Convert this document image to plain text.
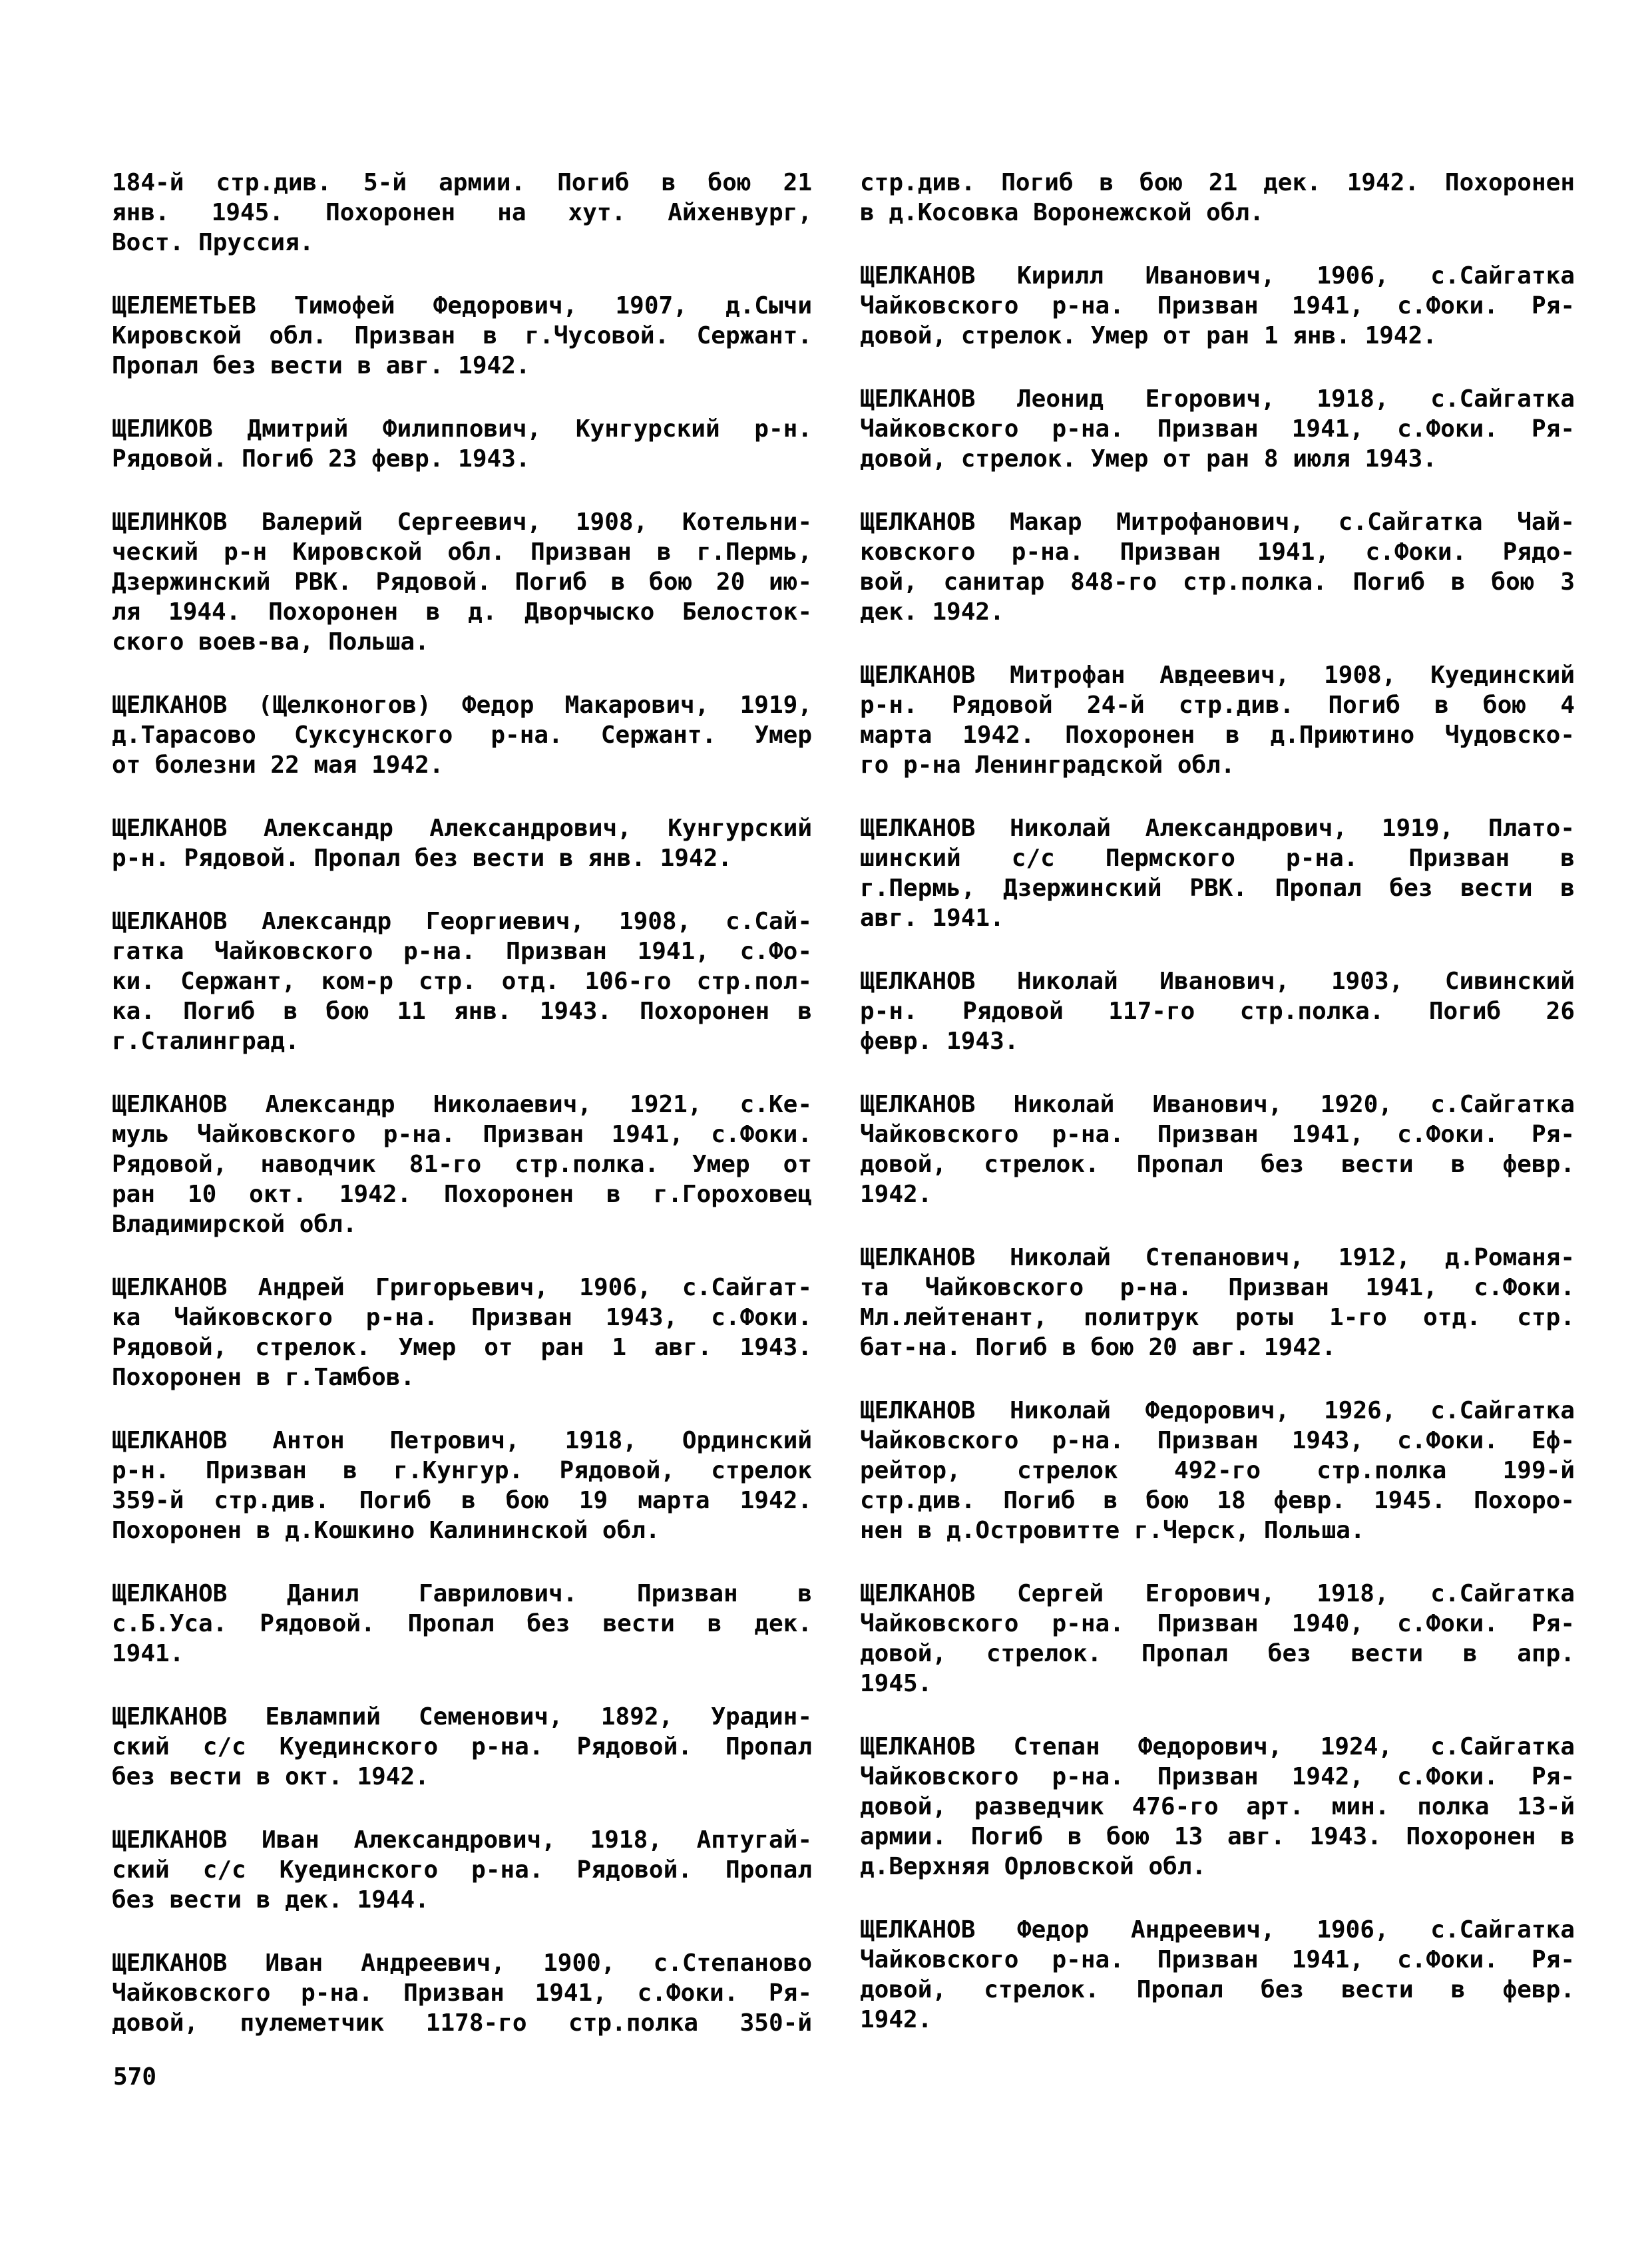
184-й стр.див. 5-й армии. Погиб в бою 21
янв. 1945. Похоронен на хут. Айхенвург,
Вост. Пруссия.

ЩЕЛЕМЕТЬЕВ Тимофей Федорович, 1907, д.Сычи
Кировской обл. Призван в г.Чусовой. Сержант.
Пропал без вести в авг. 1942.

ЩЕЛИКОВ Дмитрий Филиппович, Кунгурский р-н.
Рядовой. Погиб 23 февр. 1943.

ЩЕЛИНКОВ Валерий Сергеевич, 1908, Котельни-
ческий р-н Кировской обл. Призван в г.Пермь,
Дзержинский РВК. Рядовой. Погиб в бою 20 ию-
ля 1944. Похоронен в д. Дворчыско Белосток-
ского воев-ва, Польша.

ЩЕЛКАНОВ (Щелконогов) Федор Макарович, 1919,
д.Тарасово Суксунского р-на. Сержант. Умер
от болезни 22 мая 1942.

ЩЕЛКАНОВ Александр Александрович, Кунгурский
р-н. Рядовой. Пропал без вести в янв. 1942.

ЩЕЛКАНОВ Александр Георгиевич, 1908, с.Сай-
гатка Чайковского р-на. Призван 1941, с.Фо-
ки. Сержант, ком-р стр. отд. 106-го стр.пол-
ка. Погиб в бою 11 янв. 1943. Похоронен в
г.Сталинград.

ЩЕЛКАНОВ Александр Николаевич, 1921, с.Ке-
муль Чайковского р-на. Призван 1941, с.Фоки.
Рядовой, наводчик 81-го стр.полка. Умер от
ран 10 окт. 1942. Похоронен в г.Гороховец
Владимирской обл.

ЩЕЛКАНОВ Андрей Григорьевич, 1906, с.Сайгат-
ка Чайковского р-на. Призван 1943, с.Фоки.
Рядовой, стрелок. Умер от ран 1 авг. 1943.
Похоронен в г.Тамбов.

ЩЕЛКАНОВ Антон Петрович, 1918, Ординский
р-н. Призван в г.Кунгур. Рядовой, стрелок
359-й стр.див. Погиб в бою 19 марта 1942.
Похоронен в д.Кошкино Калининской обл.

ЩЕЛКАНОВ Данил Гаврилович. Призван в
с.Б.Уса. Рядовой. Пропал без вести в дек.
1941.

ЩЕЛКАНОВ Евлампий Семенович, 1892, Урадин-
ский с/с Куединского р-на. Рядовой. Пропал
без вести в окт. 1942.

ЩЕЛКАНОВ Иван Александрович, 1918, Аптугай-
ский с/с Куединского р-на. Рядовой. Пропал
без вести в дек. 1944.

ЩЕЛКАНОВ Иван Андреевич, 1900, с.Степаново
Чайковского р-на. Призван 1941, с.Фоки. Ря-
довой, пулеметчик 1178-го стр.полка 350-й

стр.див. Погиб в бою 21 дек. 1942. Похоронен
в д.Косовка Воронежской обл.

ЩЕЛКАНОВ Кирилл Иванович, 1906, с.Сайгатка
Чайковского р-на. Призван 1941, с.Фоки. Ря-
довой, стрелок. Умер от ран 1 янв. 1942.

ЩЕЛКАНОВ Леонид Егорович, 1918, с.Сайгатка
Чайковского р-на. Призван 1941, с.Фоки. Ря-
довой, стрелок. Умер от ран 8 июля 1943.

ЩЕЛКАНОВ Макар Митрофанович, с.Сайгатка Чай-
ковского р-на. Призван 1941, с.Фоки. Рядо-
вой, санитар 848-го стр.полка. Погиб в бою 3
дек. 1942.

ЩЕЛКАНОВ Митрофан Авдеевич, 1908, Куединский
р-н. Рядовой 24-й стр.див. Погиб в бою 4
марта 1942. Похоронен в д.Приютино Чудовско-
го р-на Ленинградской обл.

ЩЕЛКАНОВ Николай Александрович, 1919, Плато-
шинский с/с Пермского р-на. Призван в
г.Пермь, Дзержинский РВК. Пропал без вести в
авг. 1941.

ЩЕЛКАНОВ Николай Иванович, 1903, Сивинский
р-н. Рядовой 117-го стр.полка. Погиб 26
февр. 1943.

ЩЕЛКАНОВ Николай Иванович, 1920, с.Сайгатка
Чайковского р-на. Призван 1941, с.Фоки. Ря-
довой, стрелок. Пропал без вести в февр.
1942.

ЩЕЛКАНОВ Николай Степанович, 1912, д.Романя-
та Чайковского р-на. Призван 1941, с.Фоки.
Мл.лейтенант, политрук роты 1-го отд. стр.
бат-на. Погиб в бою 20 авг. 1942.

ЩЕЛКАНОВ Николай Федорович, 1926, с.Сайгатка
Чайковского р-на. Призван 1943, с.Фоки. Еф-
рейтор, стрелок 492-го стр.полка 199-й
стр.див. Погиб в бою 18 февр. 1945. Похоро-
нен в д.Островитте г.Черск, Польша.

ЩЕЛКАНОВ Сергей Егорович, 1918, с.Сайгатка
Чайковского р-на. Призван 1940, с.Фоки. Ря-
довой, стрелок. Пропал без вести в апр.
1945.

ЩЕЛКАНОВ Степан Федорович, 1924, с.Сайгатка
Чайковского р-на. Призван 1942, с.Фоки. Ря-
довой, разведчик 476-го арт. мин. полка 13-й
армии. Погиб в бою 13 авг. 1943. Похоронен в
д.Верхняя Орловской обл.

ЩЕЛКАНОВ Федор Андреевич, 1906, с.Сайгатка
Чайковского р-на. Призван 1941, с.Фоки. Ря-
довой, стрелок. Пропал без вести в февр.
1942.

570
